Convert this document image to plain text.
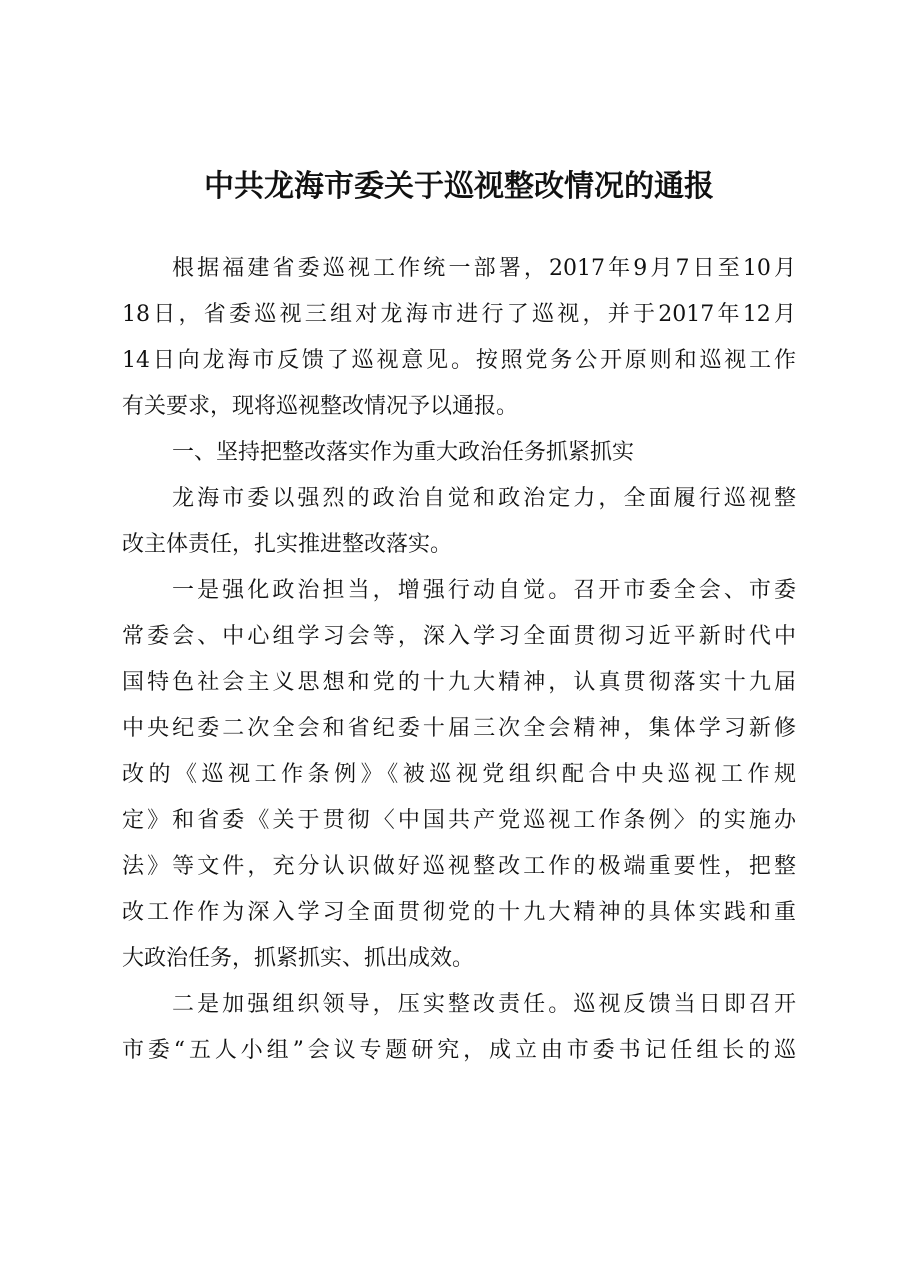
中共龙海市委关于巡视整改情况的通报
根据福建省委巡视工作统一部署，2017年9月7日至10月
18日，省委巡视三组对龙海市进行了巡视，并于2017年12月
14日向龙海市反馈了巡视意见。按照党务公开原则和巡视工作
有关要求，现将巡视整改情况予以通报。
一、坚持把整改落实作为重大政治任务抓紧抓实
龙海市委以强烈的政治自觉和政治定力，全面履行巡视整
改主体责任，扎实推进整改落实。
一是强化政治担当，增强行动自觉。召开市委全会、市委
常委会、中心组学习会等，深入学习全面贯彻习近平新时代中
国特色社会主义思想和党的十九大精神，认真贯彻落实十九届
中央纪委二次全会和省纪委十届三次全会精神，集体学习新修
改的《巡视工作条例》《被巡视党组织配合中央巡视工作规
定》和省委《关于贯彻〈中国共产党巡视工作条例〉的实施办
法》等文件，充分认识做好巡视整改工作的极端重要性，把整
改工作作为深入学习全面贯彻党的十九大精神的具体实践和重
大政治任务，抓紧抓实、抓出成效。
二是加强组织领导，压实整改责任。巡视反馈当日即召开
市委“五人小组”会议专题研究，成立由市委书记任组长的巡
